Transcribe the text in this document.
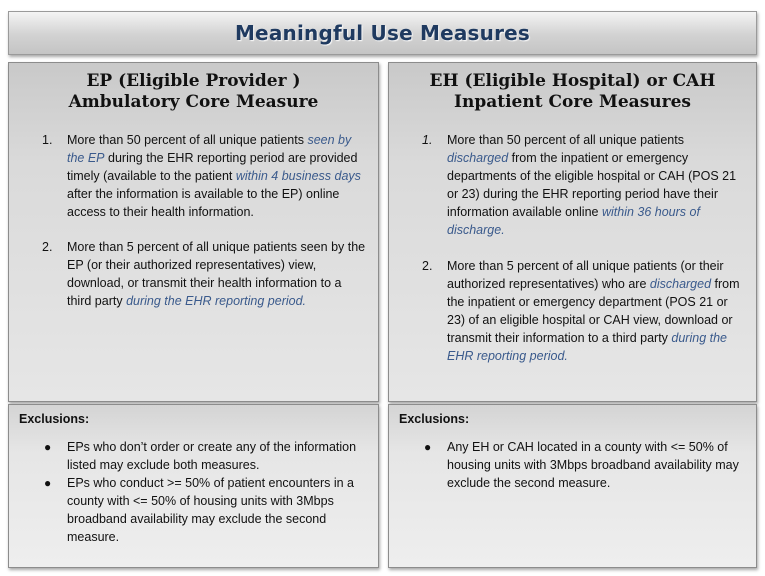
Meaningful Use Measures
EP (Eligible Provider )
Ambulatory Core Measure
1. More than 50 percent of all unique patients seen by the EP during the EHR reporting period are provided timely (available to the patient within 4 business days after the information is available to the EP) online access to their health information.
2. More than 5 percent of all unique patients seen by the EP (or their authorized representatives) view, download, or transmit their health information to a third party during the EHR reporting period.
EH (Eligible Hospital) or CAH
Inpatient Core Measures
1. More than 50 percent of all unique patients discharged from the inpatient or emergency departments of the eligible hospital or CAH (POS 21 or 23) during the EHR reporting period have their information available online within 36 hours of discharge.
2. More than 5 percent of all unique patients (or their authorized representatives) who are discharged from the inpatient or emergency department (POS 21 or 23) of an eligible hospital or CAH view, download or transmit their information to a third party during the EHR reporting period.
Exclusions:
● EPs who don’t order or create any of the information listed may exclude both measures.
● EPs who conduct >= 50% of patient encounters in a county with <= 50% of housing units with 3Mbps broadband availability may exclude the second measure.
Exclusions:
● Any EH or CAH located in a county with <= 50% of housing units with 3Mbps broadband availability may exclude the second measure.
